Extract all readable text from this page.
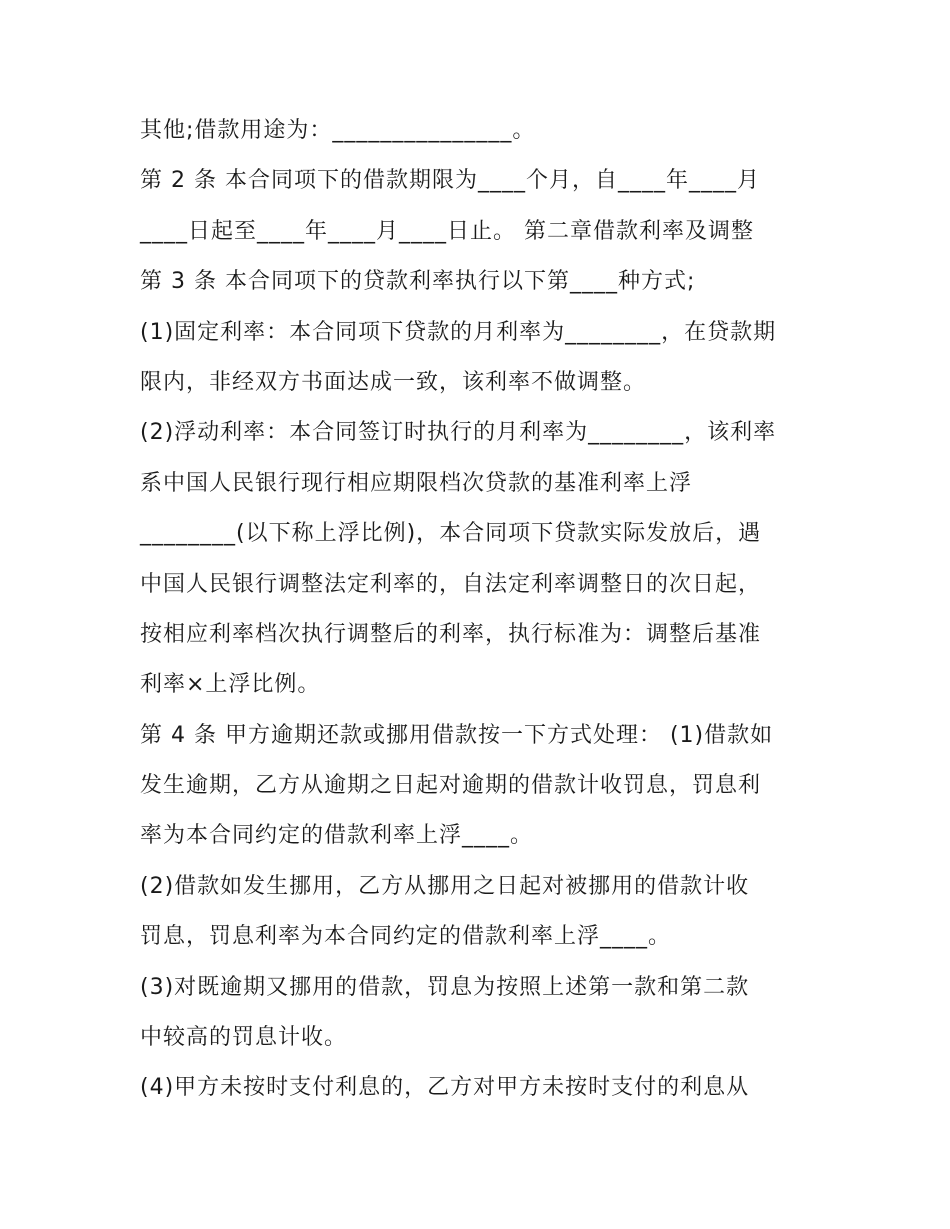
其他;借款用途为：_______________。
第 2 条 本合同项下的借款期限为____个月，自____年____月
____日起至____年____月____日止。 第二章借款利率及调整
第 3 条 本合同项下的贷款利率执行以下第____种方式;
(1)固定利率：本合同项下贷款的月利率为________，在贷款期
限内，非经双方书面达成一致，该利率不做调整。
(2)浮动利率：本合同签订时执行的月利率为________，该利率
系中国人民银行现行相应期限档次贷款的基准利率上浮
________(以下称上浮比例)，本合同项下贷款实际发放后，遇
中国人民银行调整法定利率的，自法定利率调整日的次日起，
按相应利率档次执行调整后的利率，执行标准为：调整后基准
利率×上浮比例。
第 4 条 甲方逾期还款或挪用借款按一下方式处理： (1)借款如
发生逾期，乙方从逾期之日起对逾期的借款计收罚息，罚息利
率为本合同约定的借款利率上浮____。
(2)借款如发生挪用，乙方从挪用之日起对被挪用的借款计收
罚息，罚息利率为本合同约定的借款利率上浮____。
(3)对既逾期又挪用的借款，罚息为按照上述第一款和第二款
中较高的罚息计收。
(4)甲方未按时支付利息的，乙方对甲方未按时支付的利息从
